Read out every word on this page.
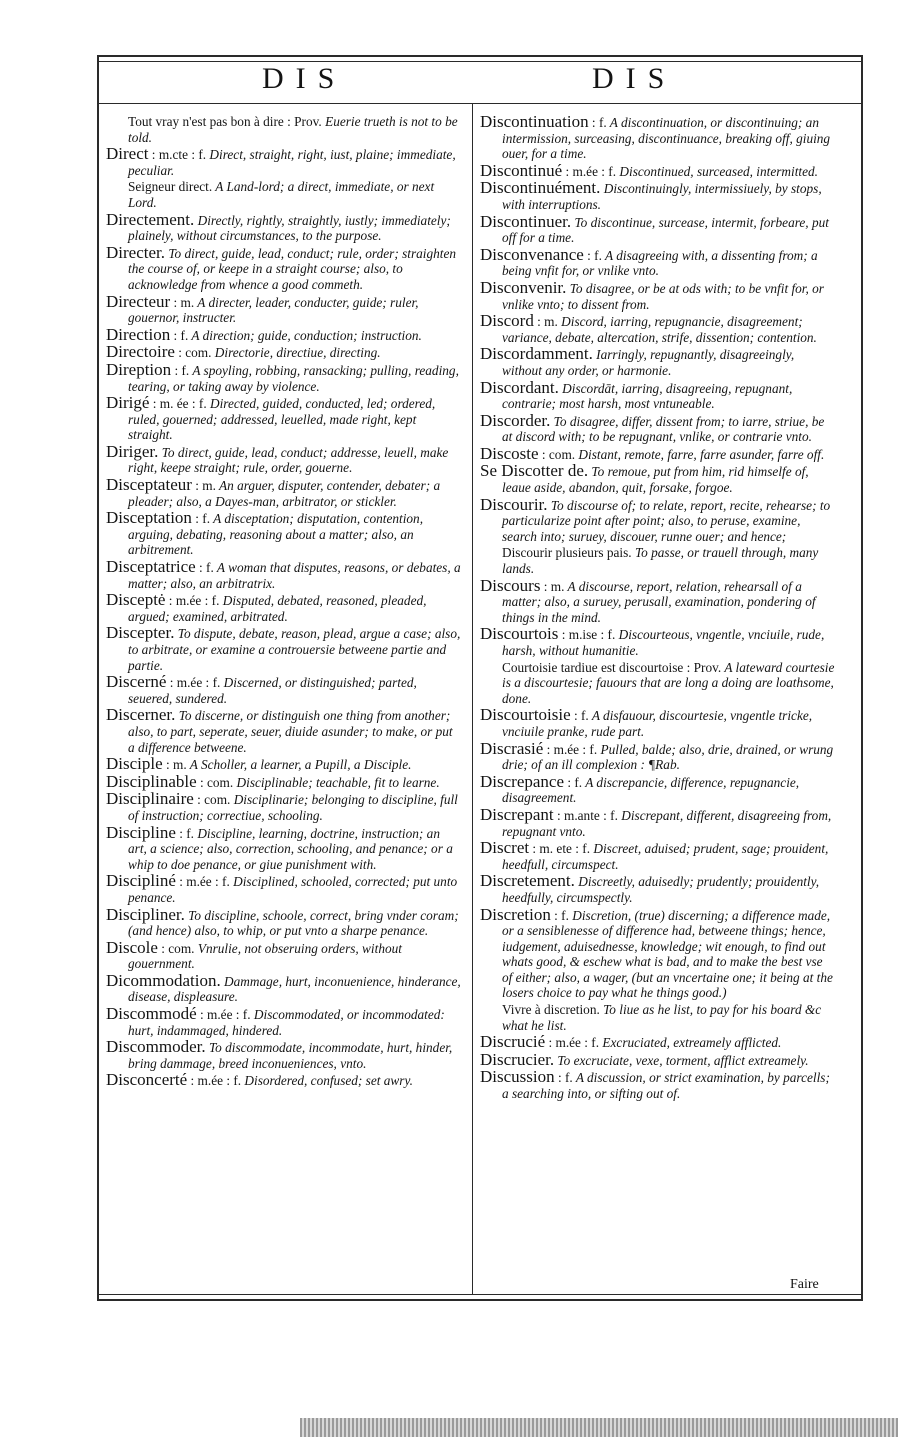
DIS	DIS

Tout vray n'est pas bon à dire : Prov. Euerie trueth is not to be told.

Direct : m.cte : f. Direct, straight, right, iust, plaine; immediate, peculiar.

Seigneur direct. A Land-lord; a direct, immediate, or next Lord.

Directement. Directly, rightly, straightly, iustly; immediately; plainely, without circumstances, to the purpose.

Directer. To direct, guide, lead, conduct; rule, order; straighten the course of, or keepe in a straight course; also, to acknowledge from whence a good commeth.

Directeur : m. A directer, leader, conducter, guide; ruler, gouernor, instructer.

Direction : f. A direction; guide, conduction; instruction.

Directoire : com. Directorie, directiue, directing.

Direption : f. A spoyling, robbing, ransacking; pulling, reading, tearing, or taking away by violence.

Dirigé : m. ée : f. Directed, guided, conducted, led; ordered, ruled, gouerned; addressed, leuelled, made right, kept straight.

Diriger. To direct, guide, lead, conduct; addresse, leuell, make right, keepe straight; rule, order, gouerne.

Disceptateur : m. An arguer, disputer, contender, debater; a pleader; also, a Dayes-man, arbitrator, or stickler.

Disceptation : f. A disceptation; disputation, contention, arguing, debating, reasoning about a matter; also, an arbitrement.

Disceptatrice : f. A woman that disputes, reasons, or debates, a matter; also, an arbitratrix.

Disceptė : m.ée : f. Disputed, debated, reasoned, pleaded, argued; examined, arbitrated.

Discepter. To dispute, debate, reason, plead, argue a case; also, to arbitrate, or examine a controuersie betweene partie and partie.

Discerné : m.ée : f. Discerned, or distinguished; parted, seuered, sundered.

Discerner. To discerne, or distinguish one thing from another; also, to part, seperate, seuer, diuide asunder; to make, or put a difference betweene.

Disciple : m. A Scholler, a learner, a Pupill, a Disciple.

Disciplinable : com. Disciplinable; teachable, fit to learne.

Disciplinaire : com. Disciplinarie; belonging to discipline, full of instruction; correctiue, schooling.

Discipline : f. Discipline, learning, doctrine, instruction; an art, a science; also, correction, schooling, and penance; or a whip to doe penance, or giue punishment with.

Discipliné : m.ée : f. Disciplined, schooled, corrected; put unto penance.

Discipliner. To discipline, schoole, correct, bring vnder coram; (and hence) also, to whip, or put vnto a sharpe penance.

Discole : com. Vnrulie, not obseruing orders, without gouernment.

Dicommodation. Dammage, hurt, inconuenience, hinderance, disease, displeasure.

Discommodé : m.ée : f. Discommodated, or incommodated: hurt, indammaged, hindered.

Discommoder. To discommodate, incommodate, hurt, hinder, bring dammage, breed inconueniences, vnto.

Disconcerté : m.ée : f. Disordered, confused; set awry.

Discontinuation : f. A discontinuation, or discontinuing; an intermission, surceasing, discontinuance, breaking off, giuing ouer, for a time.

Discontinué : m.ée : f. Discontinued, surceased, intermitted.

Discontinuément. Discontinuingly, intermissiuely, by stops, with interruptions.

Discontinuer. To discontinue, surcease, intermit, forbeare, put off for a time.

Disconvenance : f. A disagreeing with, a dissenting from; a being vnfit for, or vnlike vnto.

Disconvenir. To disagree, or be at ods with; to be vnfit for, or vnlike vnto; to dissent from.

Discord : m. Discord, iarring, repugnancie, disagreement; variance, debate, altercation, strife, dissention; contention.

Discordamment. Iarringly, repugnantly, disagreeingly, without any order, or harmonie.

Discordant. Discordāt, iarring, disagreeing, repugnant, contrarie; most harsh, most vntuneable.

Discorder. To disagree, differ, dissent from; to iarre, striue, be at discord with; to be repugnant, vnlike, or contrarie vnto.

Discoste : com. Distant, remote, farre, farre asunder, farre off.

Se Discotter de. To remoue, put from him, rid himselfe of, leaue aside, abandon, quit, forsake, forgoe.

Discourir. To discourse of; to relate, report, recite, rehearse; to particularize point after point; also, to peruse, examine, search into; suruey, discouer, runne ouer; and hence;

Discourir plusieurs pais. To passe, or trauell through, many lands.

Discours : m. A discourse, report, relation, rehearsall of a matter; also, a suruey, perusall, examination, pondering of things in the mind.

Discourtois : m.ise : f. Discourteous, vngentle, vnciuile, rude, harsh, without humanitie.

Courtoisie tardiue est discourtoise : Prov. A lateward courtesie is a discourtesie; fauours that are long a doing are loathsome, done.

Discourtoisie : f. A disfauour, discourtesie, vngentle tricke, vnciuile pranke, rude part.

Discrasié : m.ée : f. Pulled, balde; also, drie, drained, or wrung drie; of an ill complexion : ¶Rab.

Discrepance : f. A discrepancie, difference, repugnancie, disagreement.

Discrepant : m.ante : f. Discrepant, different, disagreeing from, repugnant vnto.

Discret : m. ete : f. Discreet, aduised; prudent, sage; prouident, heedfull, circumspect.

Discretement. Discreetly, aduisedly; prudently; prouidently, heedfully, circumspectly.

Discretion : f. Discretion, (true) discerning; a difference made, or a sensiblenesse of difference had, betweene things; hence, iudgement, aduisednesse, knowledge; wit enough, to find out whats good, & eschew what is bad, and to make the best vse of either; also, a wager, (but an vncertaine one; it being at the losers choice to pay what he things good.)

Vivre à discretion. To liue as he list, to pay for his board &c what he list.

Discrucié : m.ée : f. Excruciated, extreamely afflicted.

Discrucier. To excruciate, vexe, torment, afflict extreamely.

Discussion : f. A discussion, or strict examination, by parcells; a searching into, or sifting out of.

Faire
